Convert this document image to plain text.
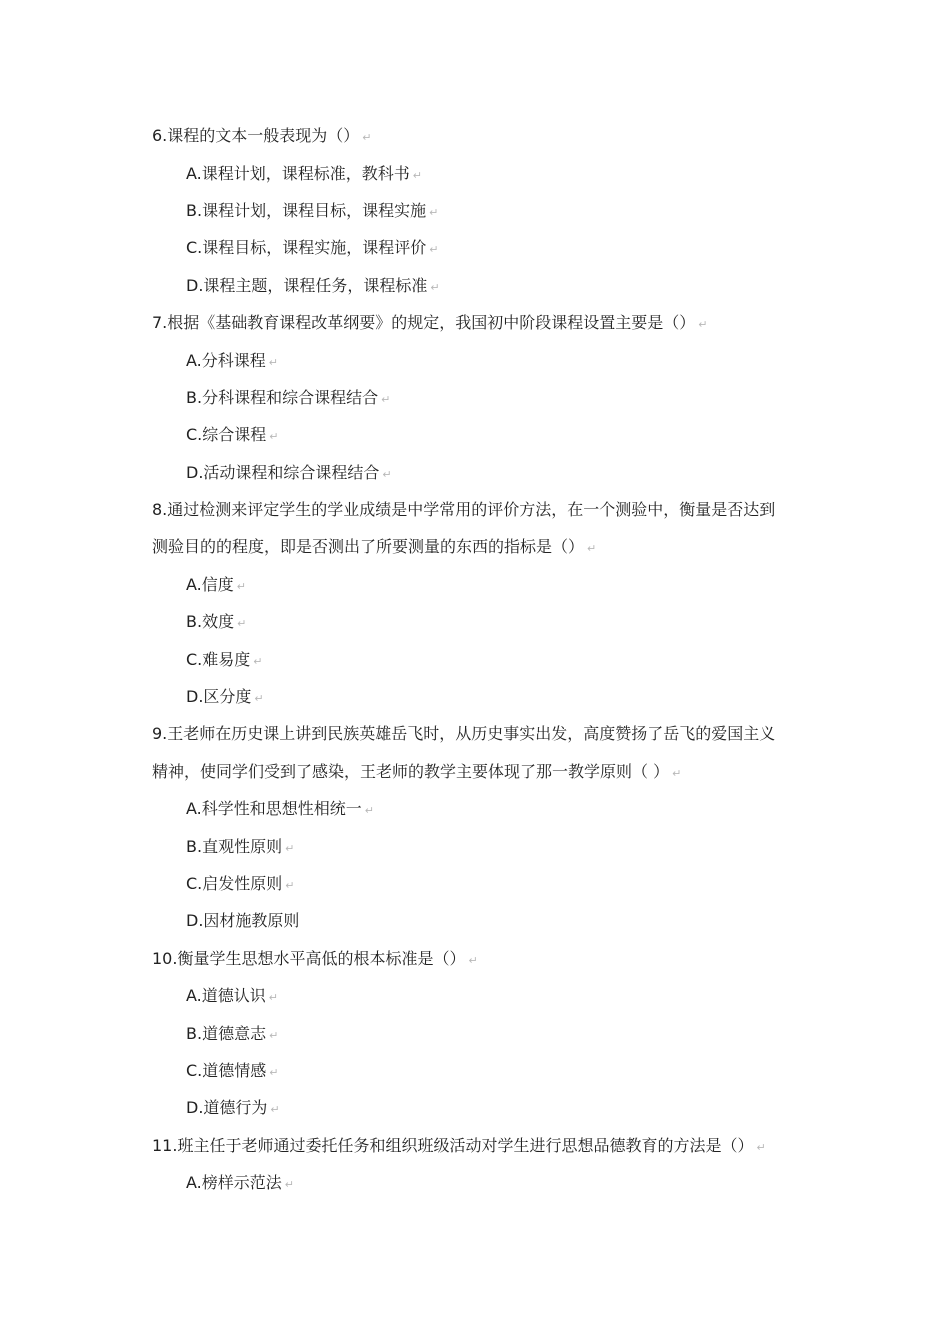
6.课程的文本一般表现为（） ↵
A.课程计划，课程标准，教科书 ↵
B.课程计划，课程目标，课程实施 ↵
C.课程目标，课程实施，课程评价 ↵
D.课程主题，课程任务，课程标准 ↵
7.根据《基础教育课程改革纲要》的规定，我国初中阶段课程设置主要是（） ↵
A.分科课程 ↵
B.分科课程和综合课程结合 ↵
C.综合课程 ↵
D.活动课程和综合课程结合 ↵
8.通过检测来评定学生的学业成绩是中学常用的评价方法，在一个测验中，衡量是否达到
测验目的的程度，即是否测出了所要测量的东西的指标是（） ↵
A.信度 ↵
B.效度 ↵
C.难易度 ↵
D.区分度 ↵
9.王老师在历史课上讲到民族英雄岳飞时，从历史事实出发，高度赞扬了岳飞的爱国主义
精神，使同学们受到了感染，王老师的教学主要体现了那一教学原则（ ） ↵
A.科学性和思想性相统一 ↵
B.直观性原则 ↵
C.启发性原则 ↵
D.因材施教原则
10.衡量学生思想水平高低的根本标准是（） ↵
A.道德认识 ↵
B.道德意志 ↵
C.道德情感 ↵
D.道德行为 ↵
11.班主任于老师通过委托任务和组织班级活动对学生进行思想品德教育的方法是（） ↵
A.榜样示范法 ↵
